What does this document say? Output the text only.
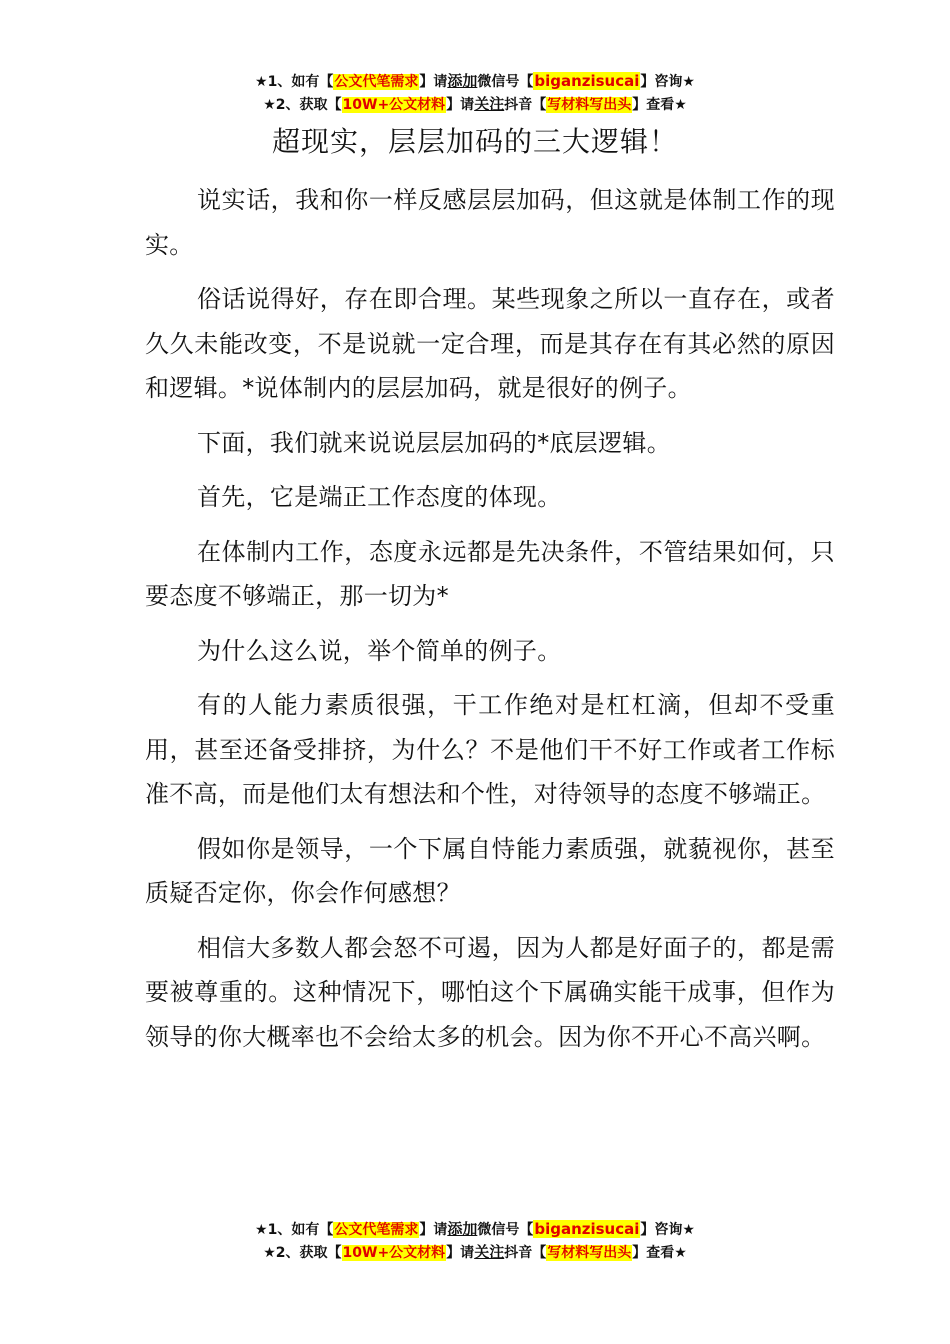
★1、如有【公文代笔需求】请添加微信号【biganzisucai】咨询★
★2、获取【10W+公文材料】请关注抖音【写材料写出头】查看★
超现实，层层加码的三大逻辑！

说实话，我和你一样反感层层加码，但这就是体制工作的现实。

俗话说得好，存在即合理。某些现象之所以一直存在，或者久久未能改变，不是说就一定合理，而是其存在有其必然的原因和逻辑。*说体制内的层层加码，就是很好的例子。

下面，我们就来说说层层加码的*底层逻辑。

首先，它是端正工作态度的体现。

在体制内工作，态度永远都是先决条件，不管结果如何，只要态度不够端正，那一切为*

为什么这么说，举个简单的例子。

有的人能力素质很强，干工作绝对是杠杠滴，但却不受重用，甚至还备受排挤，为什么？不是他们干不好工作或者工作标准不高，而是他们太有想法和个性，对待领导的态度不够端正。

假如你是领导，一个下属自恃能力素质强，就藐视你，甚至质疑否定你，你会作何感想？

相信大多数人都会怒不可遏，因为人都是好面子的，都是需要被尊重的。这种情况下，哪怕这个下属确实能干成事，但作为领导的你大概率也不会给太多的机会。因为你不开心不高兴啊。

★1、如有【公文代笔需求】请添加微信号【biganzisucai】咨询★
★2、获取【10W+公文材料】请关注抖音【写材料写出头】查看★
